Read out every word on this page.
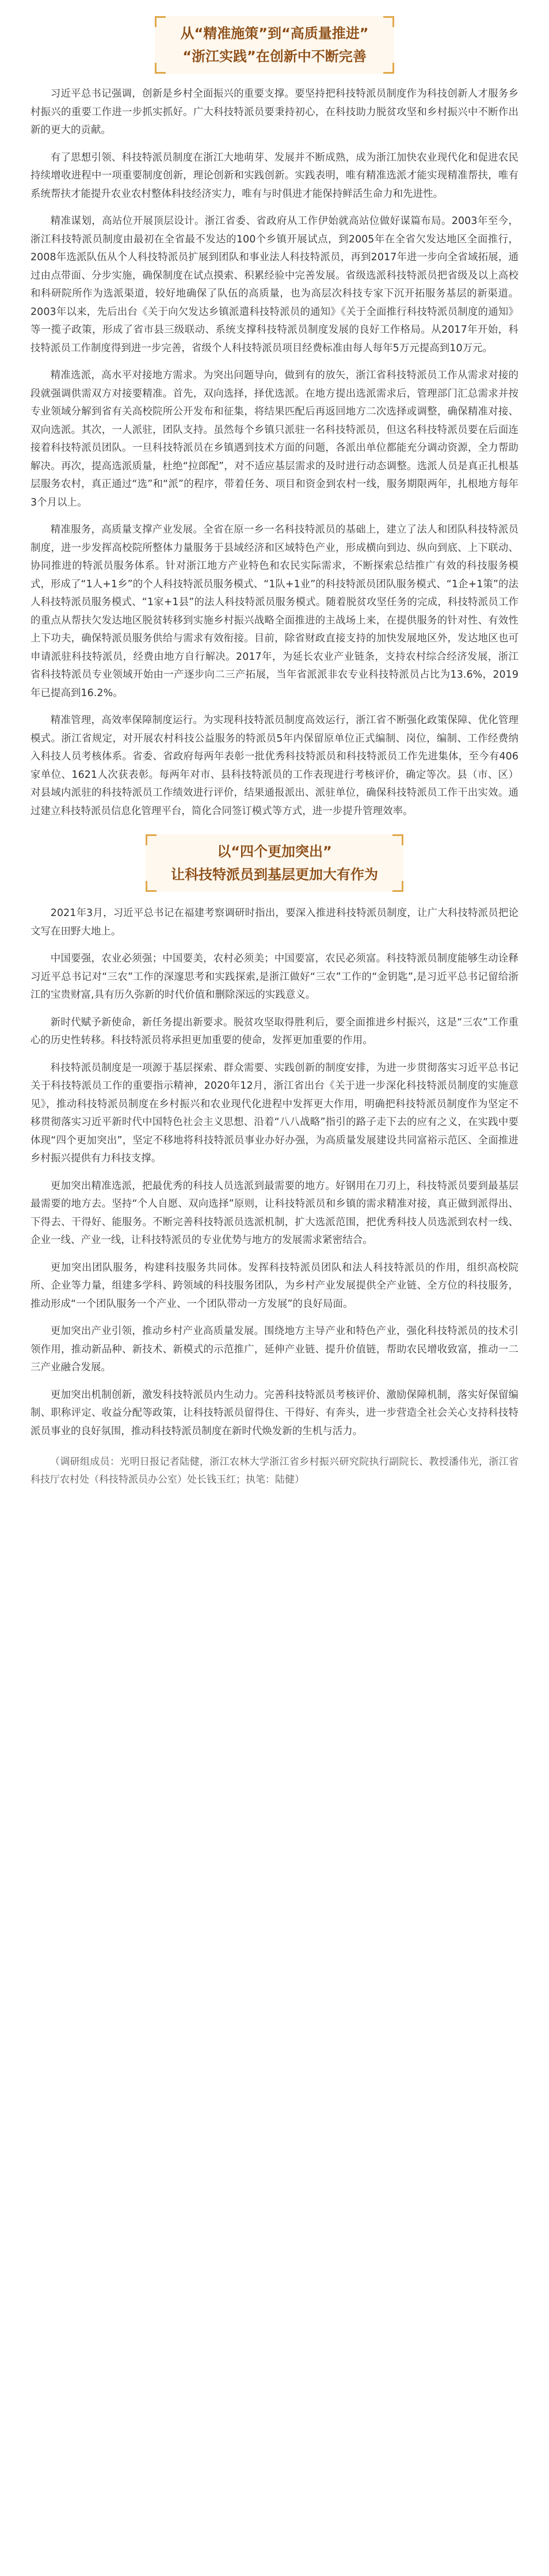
从“精准施策”到“高质量推进”
“浙江实践”在创新中不断完善

习近平总书记强调，创新是乡村全面振兴的重要支撑。要坚持把科技特派员制度作为科技创新人才服务乡村振兴的重要工作进一步抓实抓好。广大科技特派员要秉持初心，在科技助力脱贫攻坚和乡村振兴中不断作出新的更大的贡献。

有了思想引领、科技特派员制度在浙江大地萌芽、发展并不断成熟，成为浙江加快农业现代化和促进农民持续增收进程中一项重要制度创新，理论创新和实践创新。实践表明，唯有精准选派才能实现精准帮扶，唯有系统帮扶才能提升农业农村整体科技经济实力，唯有与时俱进才能保持鲜活生命力和先进性。

精准谋划，高站位开展顶层设计。浙江省委、省政府从工作伊始就高站位做好谋篇布局。2003年至今，浙江科技特派员制度由最初在全省最不发达的100个乡镇开展试点，到2005年在全省欠发达地区全面推行，2008年选派队伍从个人科技特派员扩展到团队和事业法人科技特派员，再到2017年进一步向全省域拓展，通过由点带面、分步实施，确保制度在试点摸索、积累经验中完善发展。省级选派科技特派员把省级及以上高校和科研院所作为选派渠道，较好地确保了队伍的高质量，也为高层次科技专家下沉开拓服务基层的新渠道。2003年以来，先后出台《关于向欠发达乡镇派遣科技特派员的通知》《关于全面推行科技特派员制度的通知》等一揽子政策，形成了省市县三级联动、系统支撑科技特派员制度发展的良好工作格局。从2017年开始，科技特派员工作制度得到进一步完善，省级个人科技特派员项目经费标准由每人每年5万元提高到10万元。

精准选派，高水平对接地方需求。为突出问题导向，做到有的放矢，浙江省科技特派员工作从需求对接的段就强调供需双方对接要精准。首先，双向选择，择优选派。在地方提出选派需求后，管理部门汇总需求并按专业领域分解到省有关高校院所公开发布和征集，将结果匹配后再返回地方二次选择或调整，确保精准对接、双向选派。其次，一人派驻，团队支持。虽然每个乡镇只派驻一名科技特派员，但这名科技特派员要在后面连接着科技特派员团队。一旦科技特派员在乡镇遇到技术方面的问题，各派出单位都能充分调动资源，全力帮助解决。再次，提高选派质量，杜绝“拉郎配”，对不适应基层需求的及时进行动态调整。选派人员是真正扎根基层服务农村，真正通过“选”和“派”的程序，带着任务、项目和资金到农村一线，服务期限两年，扎根地方每年3个月以上。

精准服务，高质量支撑产业发展。全省在原一乡一名科技特派员的基础上，建立了法人和团队科技特派员制度，进一步发挥高校院所整体力量服务于县域经济和区域特色产业，形成横向到边、纵向到底、上下联动、协同推进的特派员服务体系。针对浙江地方产业特色和农民实际需求，不断探索总结推广有效的科技服务模式，形成了“1人+1乡”的个人科技特派员服务模式、“1队+1业”的科技特派员团队服务模式、“1企+1策”的法人科技特派员服务模式、“1家+1县”的法人科技特派员服务模式。随着脱贫攻坚任务的完成，科技特派员工作的重点从帮扶欠发达地区脱贫转移到实施乡村振兴战略全面推进的主战场上来，在提供服务的针对性、有效性上下功夫，确保特派员服务供给与需求有效衔接。目前，除省财政直接支持的加快发展地区外，发达地区也可申请派驻科技特派员，经费由地方自行解决。2017年，为延长农业产业链条，支持农村综合经济发展，浙江省科技特派员专业领域开始由一产逐步向二三产拓展，当年省派派非农专业科技特派员占比为13.6%，2019年已提高到16.2%。

精准管理，高效率保障制度运行。为实现科技特派员制度高效运行，浙江省不断强化政策保障、优化管理模式。浙江省规定，对开展农村科技公益服务的特派员5年内保留原单位正式编制、岗位，编制、工作经费纳入科技人员考核体系。省委、省政府每两年表彰一批优秀科技特派员和科技特派员工作先进集体，至今有406家单位、1621人次获表彰。每两年对市、县科技特派员的工作表现进行考核评价，确定等次。县（市、区）对县域内派驻的科技特派员工作绩效进行评价，结果通报派出、派驻单位，确保科技特派员工作干出实效。通过建立科技特派员信息化管理平台，简化合同签订模式等方式，进一步提升管理效率。

以“四个更加突出”
让科技特派员到基层更加大有作为

2021年3月，习近平总书记在福建考察调研时指出，要深入推进科技特派员制度，让广大科技特派员把论文写在田野大地上。

中国要强，农业必须强；中国要美，农村必须美；中国要富，农民必须富。科技特派员制度能够生动诠释习近平总书记对“三农”工作的深邃思考和实践探索,是浙江做好“三农”工作的“金钥匙”,是习近平总书记留给浙江的宝贵财富,具有历久弥新的时代价值和删除深远的实践意义。

新时代赋予新使命，新任务提出新要求。脱贫攻坚取得胜利后，要全面推进乡村振兴，这是“三农”工作重心的历史性转移。科技特派员将承担更加重要的使命，发挥更加重要的作用。

科技特派员制度是一项源于基层探索、群众需要、实践创新的制度安排，为进一步贯彻落实习近平总书记关于科技特派员工作的重要指示精神，2020年12月，浙江省出台《关于进一步深化科技特派员制度的实施意见》，推动科技特派员制度在乡村振兴和农业现代化进程中发挥更大作用，明确把科技特派员制度作为坚定不移贯彻落实习近平新时代中国特色社会主义思想、沿着“八八战略”指引的路子走下去的应有之义，在实践中要体现“四个更加突出”，坚定不移地将科技特派员事业办好办强，为高质量发展建设共同富裕示范区、全面推进乡村振兴提供有力科技支撑。

更加突出精准选派，把最优秀的科技人员选派到最需要的地方。好钢用在刀刃上，科技特派员要到最基层最需要的地方去。坚持“个人自愿、双向选择”原则，让科技特派员和乡镇的需求精准对接，真正做到派得出、下得去、干得好、能服务。不断完善科技特派员选派机制，扩大选派范围，把优秀科技人员选派到农村一线、企业一线、产业一线，让科技特派员的专业优势与地方的发展需求紧密结合。

更加突出团队服务，构建科技服务共同体。发挥科技特派员团队和法人科技特派员的作用，组织高校院所、企业等力量，组建多学科、跨领域的科技服务团队，为乡村产业发展提供全产业链、全方位的科技服务，推动形成“一个团队服务一个产业、一个团队带动一方发展”的良好局面。

更加突出产业引领，推动乡村产业高质量发展。围绕地方主导产业和特色产业，强化科技特派员的技术引领作用，推动新品种、新技术、新模式的示范推广，延伸产业链、提升价值链，帮助农民增收致富，推动一二三产业融合发展。

更加突出机制创新，激发科技特派员内生动力。完善科技特派员考核评价、激励保障机制，落实好保留编制、职称评定、收益分配等政策，让科技特派员留得住、干得好、有奔头，进一步营造全社会关心支持科技特派员事业的良好氛围，推动科技特派员制度在新时代焕发新的生机与活力。

（调研组成员：光明日报记者陆健，浙江农林大学浙江省乡村振兴研究院执行副院长、教授潘伟光，浙江省科技厅农村处（科技特派员办公室）处长钱玉红；执笔：陆健）
